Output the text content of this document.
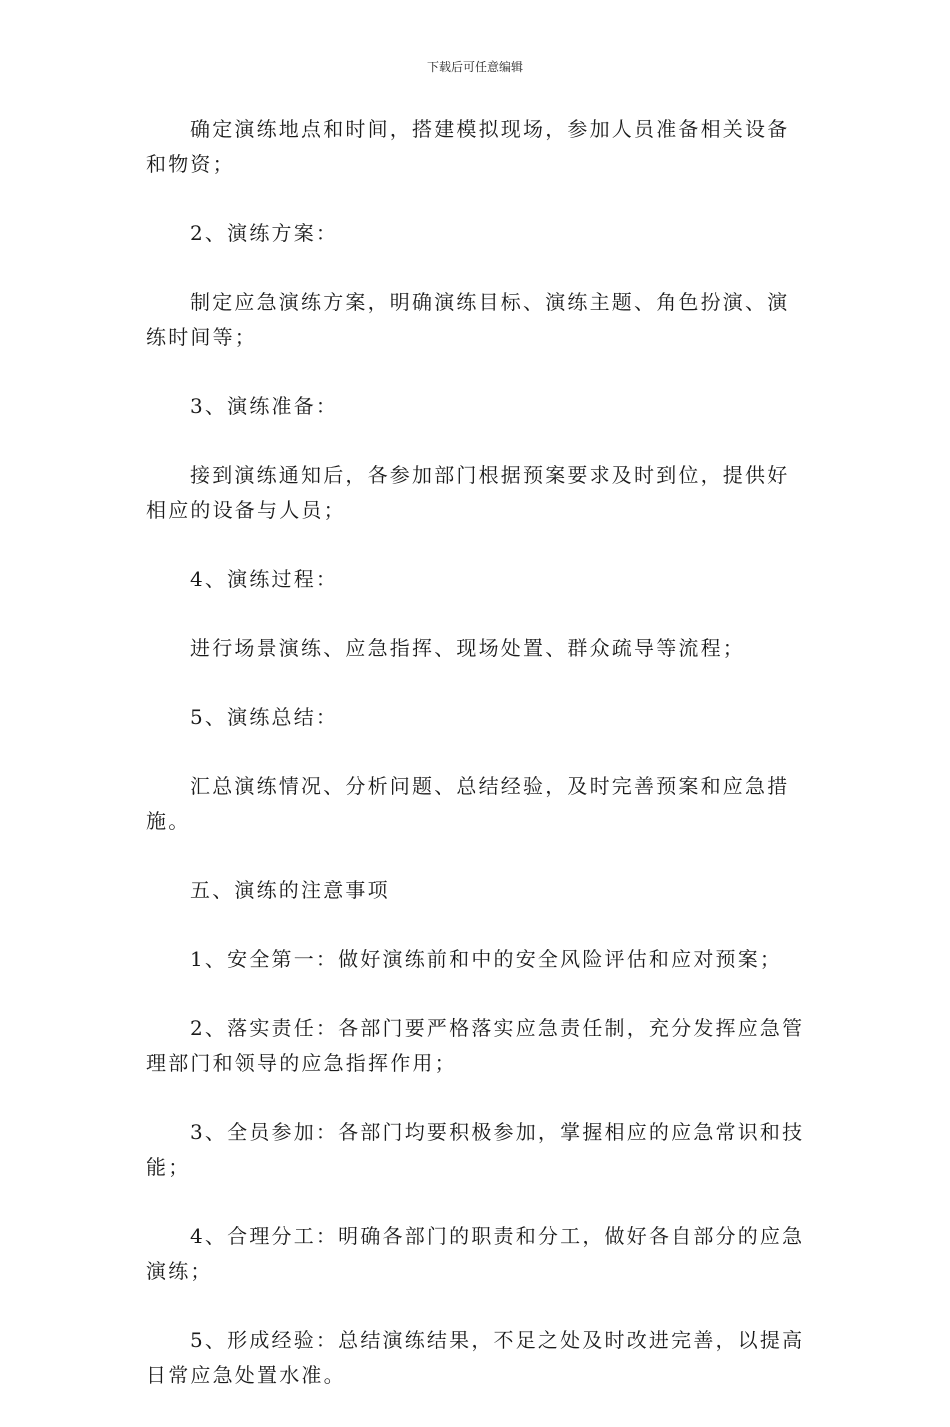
下载后可任意编辑

确定演练地点和时间，搭建模拟现场，参加人员准备相关设备和物资；

2、演练方案：

制定应急演练方案，明确演练目标、演练主题、角色扮演、演练时间等；

3、演练准备：

接到演练通知后，各参加部门根据预案要求及时到位，提供好相应的设备与人员；

4、演练过程：

进行场景演练、应急指挥、现场处置、群众疏导等流程；

5、演练总结：

汇总演练情况、分析问题、总结经验，及时完善预案和应急措施。

五、演练的注意事项

1、安全第一：做好演练前和中的安全风险评估和应对预案；

2、落实责任：各部门要严格落实应急责任制，充分发挥应急管理部门和领导的应急指挥作用；

3、全员参加：各部门均要积极参加，掌握相应的应急常识和技能；

4、合理分工：明确各部门的职责和分工，做好各自部分的应急演练；

5、形成经验：总结演练结果，不足之处及时改进完善，以提高日常应急处置水准。
